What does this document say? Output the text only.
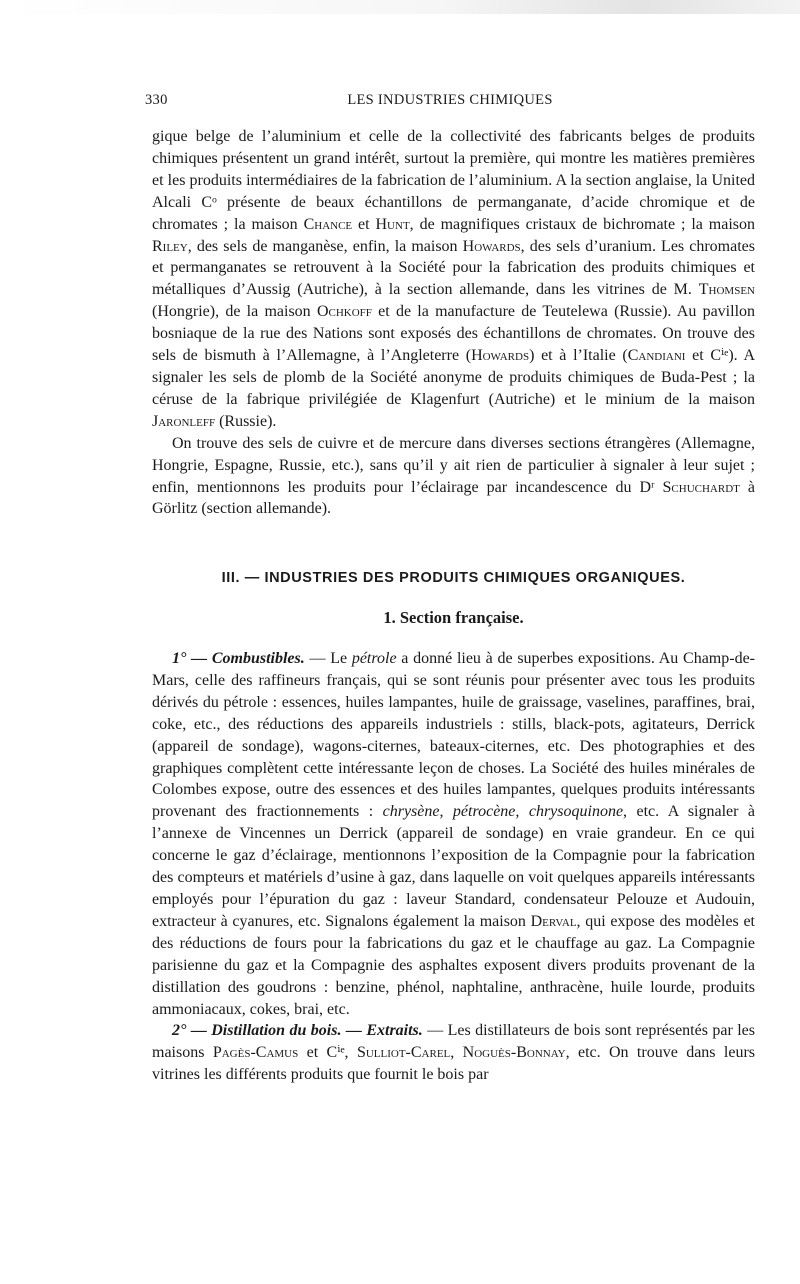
330	LES INDUSTRIES CHIMIQUES

gique belge de l’aluminium et celle de la collectivité des fabricants belges de produits chimiques présentent un grand intérêt, surtout la première, qui montre les matières premières et les produits intermédiaires de la fabrication de l’aluminium. A la section anglaise, la United Alcali Cᵒ présente de beaux échantillons de permanganate, d’acide chromique et de chromates ; la maison Chance et Hunt, de magnifiques cristaux de bichromate ; la maison Riley, des sels de manganèse, enfin, la maison Howards, des sels d’uranium. Les chromates et permanganates se retrouvent à la Société pour la fabrication des produits chimiques et métalliques d’Aussig (Autriche), à la section allemande, dans les vitrines de M. Thomsen (Hongrie), de la maison Ochkoff et de la manufacture de Teutelewa (Russie). Au pavillon bosniaque de la rue des Nations sont exposés des échantillons de chromates. On trouve des sels de bismuth à l’Allemagne, à l’Angleterre (Howards) et à l’Italie (Candiani et Cⁱᵉ). A signaler les sels de plomb de la Société anonyme de produits chimiques de Buda-Pest ; la céruse de la fabrique privilégiée de Klagenfurt (Autriche) et le minium de la maison Jaronleff (Russie).

On trouve des sels de cuivre et de mercure dans diverses sections étrangères (Allemagne, Hongrie, Espagne, Russie, etc.), sans qu’il y ait rien de particulier à signaler à leur sujet ; enfin, mentionnons les produits pour l’éclairage par incandescence du Dʳ Schuchardt à Görlitz (section allemande).

III. — INDUSTRIES DES PRODUITS CHIMIQUES ORGANIQUES.
1. Section française.

1° — Combustibles. — Le pétrole a donné lieu à de superbes expositions. Au Champ-de-Mars, celle des raffineurs français, qui se sont réunis pour présenter avec tous les produits dérivés du pétrole : essences, huiles lampantes, huile de graissage, vaselines, paraffines, brai, coke, etc., des réductions des appareils industriels : stills, black-pots, agitateurs, Derrick (appareil de sondage), wagons-citernes, bateaux-citernes, etc. Des photographies et des graphiques complètent cette intéressante leçon de choses. La Société des huiles minérales de Colombes expose, outre des essences et des huiles lampantes, quelques produits intéressants provenant des fractionnements : chrysène, pétrocène, chrysoquinone, etc. A signaler à l’annexe de Vincennes un Derrick (appareil de sondage) en vraie grandeur. En ce qui concerne le gaz d’éclairage, mentionnons l’exposition de la Compagnie pour la fabrication des compteurs et matériels d’usine à gaz, dans laquelle on voit quelques appareils intéressants employés pour l’épuration du gaz : laveur Standard, condensateur Pelouze et Audouin, extracteur à cyanures, etc. Signalons également la maison Derval, qui expose des modèles et des réductions de fours pour la fabrications du gaz et le chauffage au gaz. La Compagnie parisienne du gaz et la Compagnie des asphaltes exposent divers produits provenant de la distillation des goudrons : benzine, phénol, naphtaline, anthracène, huile lourde, produits ammoniacaux, cokes, brai, etc.

2° — Distillation du bois. — Extraits. — Les distillateurs de bois sont représentés par les maisons Pagès-Camus et Cⁱᵉ, Sulliot-Carel, Noguès-Bonnay, etc. On trouve dans leurs vitrines les différents produits que fournit le bois par
